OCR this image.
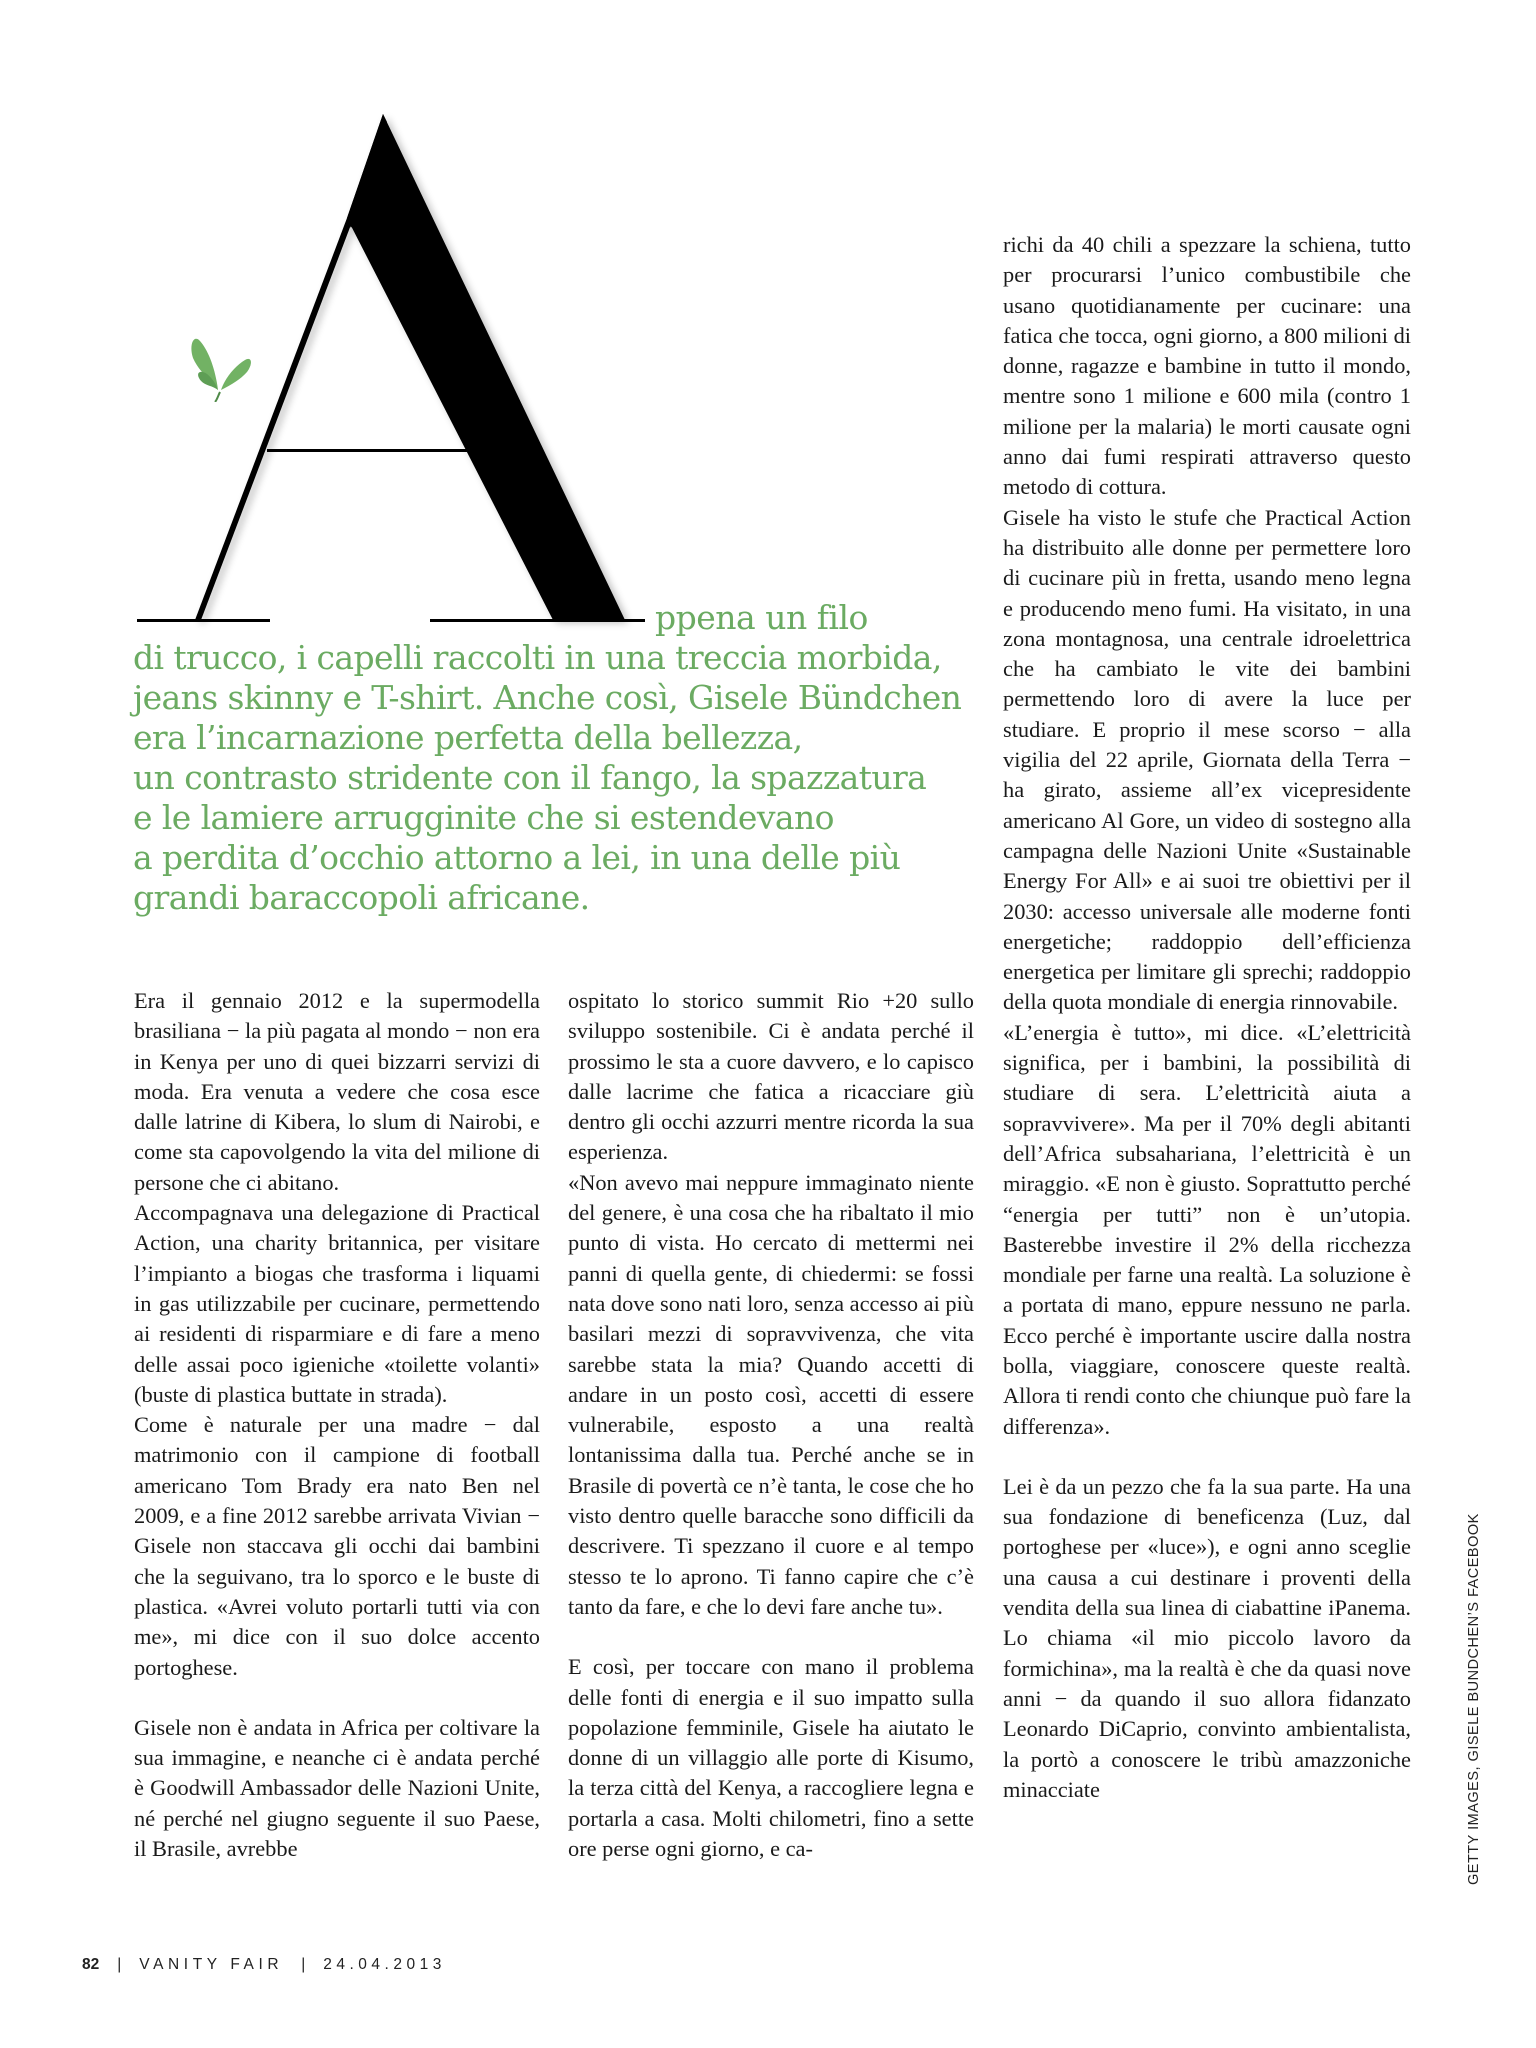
ppena un filo
di trucco, i capelli raccolti in una treccia morbida,
jeans skinny e T-shirt. Anche così, Gisele Bündchen
era l’incarnazione perfetta della bellezza,
un contrasto stridente con il fango, la spazzatura
e le lamiere arrugginite che si estendevano
a perdita d’occhio attorno a lei, in una delle più
grandi baraccopoli africane.

Era il gennaio 2012 e la supermodella brasiliana − la più pagata al mondo − non era in Kenya per uno di quei bizzarri servizi di moda. Era venuta a vedere che cosa esce dalle latrine di Kibera, lo slum di Nairobi, e come sta capovolgendo la vita del milione di persone che ci abitano.

Accompagnava una delegazione di Practical Action, una charity britannica, per visitare l’impianto a biogas che trasforma i liquami in gas utilizzabile per cucinare, permettendo ai residenti di risparmiare e di fare a meno delle assai poco igieniche «toilette volanti» (buste di plastica buttate in strada).

Come è naturale per una madre − dal matrimonio con il campione di football americano Tom Brady era nato Ben nel 2009, e a fine 2012 sarebbe arrivata Vivian − Gisele non staccava gli occhi dai bambini che la seguivano, tra lo sporco e le buste di plastica. «Avrei voluto portarli tutti via con me», mi dice con il suo dolce accento portoghese.

Gisele non è andata in Africa per coltivare la sua immagine, e neanche ci è andata perché è Goodwill Ambassador delle Nazioni Unite, né perché nel giugno seguente il suo Paese, il Brasile, avrebbe

ospitato lo storico summit Rio +20 sullo sviluppo sostenibile. Ci è andata perché il prossimo le sta a cuore davvero, e lo capisco dalle lacrime che fatica a ricacciare giù dentro gli occhi azzurri mentre ricorda la sua esperienza.

«Non avevo mai neppure immaginato niente del genere, è una cosa che ha ribaltato il mio punto di vista. Ho cercato di mettermi nei panni di quella gente, di chiedermi: se fossi nata dove sono nati loro, senza accesso ai più basilari mezzi di sopravvivenza, che vita sarebbe stata la mia? Quando accetti di andare in un posto così, accetti di essere vulnerabile, esposto a una realtà lontanissima dalla tua. Perché anche se in Brasile di povertà ce n’è tanta, le cose che ho visto dentro quelle baracche sono difficili da descrivere. Ti spezzano il cuore e al tempo stesso te lo aprono. Ti fanno capire che c’è tanto da fare, e che lo devi fare anche tu».

E così, per toccare con mano il problema delle fonti di energia e il suo impatto sulla popolazione femminile, Gisele ha aiutato le donne di un villaggio alle porte di Kisumo, la terza città del Kenya, a raccogliere legna e portarla a casa. Molti chilometri, fino a sette ore perse ogni giorno, e ca-

richi da 40 chili a spezzare la schiena, tutto per procurarsi l’unico combustibile che usano quotidianamente per cucinare: una fatica che tocca, ogni giorno, a 800 milioni di donne, ragazze e bambine in tutto il mondo, mentre sono 1 milione e 600 mila (contro 1 milione per la malaria) le morti causate ogni anno dai fumi respirati attraverso questo metodo di cottura.

Gisele ha visto le stufe che Practical Action ha distribuito alle donne per permettere loro di cucinare più in fretta, usando meno legna e producendo meno fumi. Ha visitato, in una zona montagnosa, una centrale idroelettrica che ha cambiato le vite dei bambini permettendo loro di avere la luce per studiare. E proprio il mese scorso − alla vigilia del 22 aprile, Giornata della Terra − ha girato, assieme all’ex vicepresidente americano Al Gore, un video di sostegno alla campagna delle Nazioni Unite «Sustainable Energy For All» e ai suoi tre obiettivi per il 2030: accesso universale alle moderne fonti energetiche; raddoppio dell’efficienza energetica per limitare gli sprechi; raddoppio della quota mondiale di energia rinnovabile.

«L’energia è tutto», mi dice. «L’elettricità significa, per i bambini, la possibilità di studiare di sera. L’elettricità aiuta a sopravvivere». Ma per il 70% degli abitanti dell’Africa subsahariana, l’elettricità è un miraggio. «E non è giusto. Soprattutto perché “energia per tutti” non è un’utopia. Basterebbe investire il 2% della ricchezza mondiale per farne una realtà. La soluzione è a portata di mano, eppure nessuno ne parla. Ecco perché è importante uscire dalla nostra bolla, viaggiare, conoscere queste realtà. Allora ti rendi conto che chiunque può fare la differenza».

Lei è da un pezzo che fa la sua parte. Ha una sua fondazione di beneficenza (Luz, dal portoghese per «luce»), e ogni anno sceglie una causa a cui destinare i proventi della vendita della sua linea di ciabattine iPanema. Lo chiama «il mio piccolo lavoro da formichina», ma la realtà è che da quasi nove anni − da quando il suo allora fidanzato Leonardo DiCaprio, convinto ambientalista, la portò a conoscere le tribù amazzoniche minacciate	GETTY IMAGES, GISELE BUNDCHEN’S FACEBOOK
82 | VANITY FAIR | 24.04.2013
